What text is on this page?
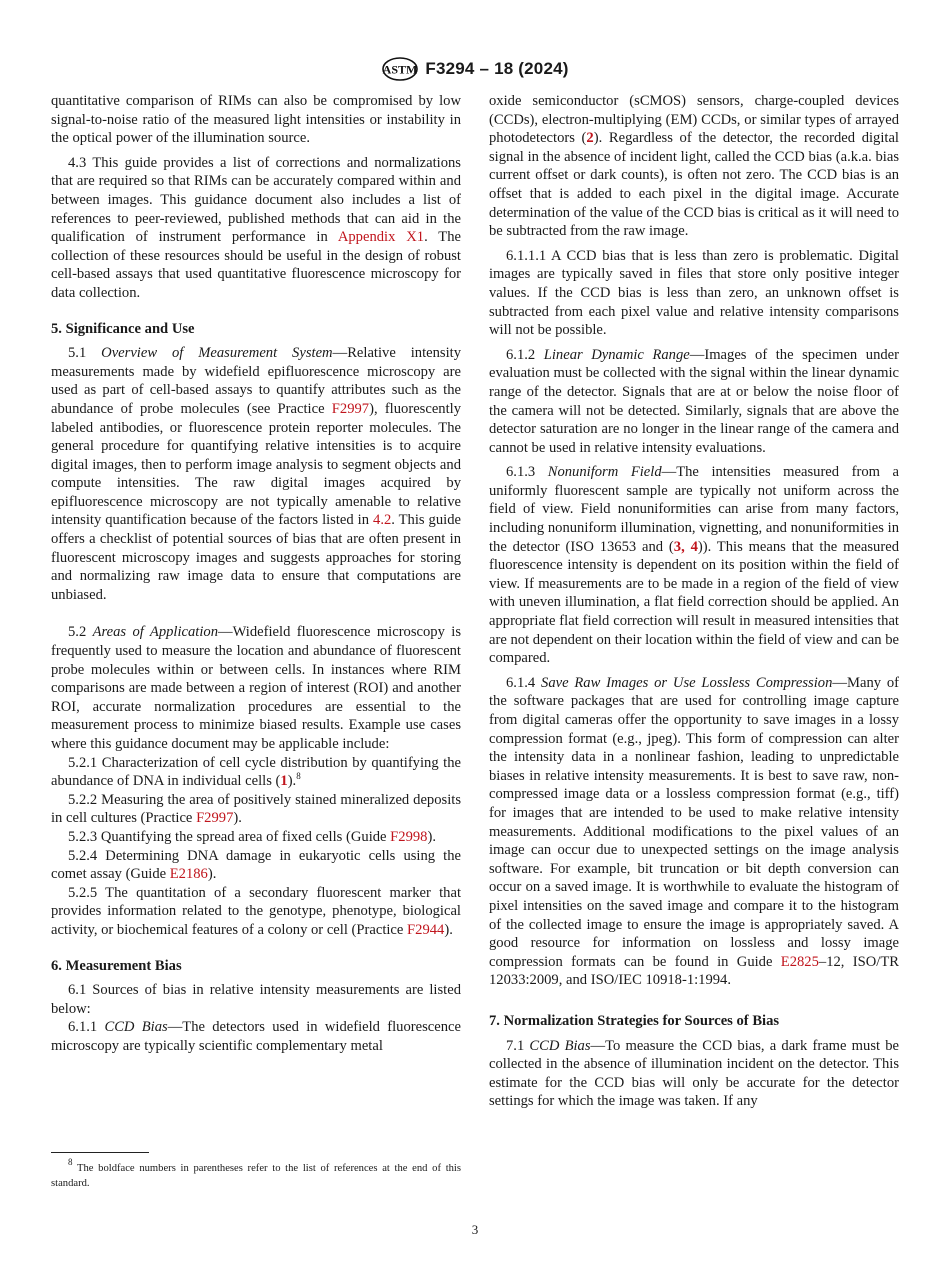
ASTM F3294 – 18 (2024)

quantitative comparison of RIMs can also be compromised by low signal-to-noise ratio of the measured light intensities or instability in the optical power of the illumination source.

4.3 This guide provides a list of corrections and normalizations that are required so that RIMs can be accurately compared within and between images. This guidance document also includes a list of references to peer-reviewed, published methods that can aid in the qualification of instrument performance in Appendix X1. The collection of these resources should be useful in the design of robust cell-based assays that used quantitative fluorescence microscopy for data collection.

5. Significance and Use

5.1 Overview of Measurement System—Relative intensity measurements made by widefield epifluorescence microscopy are used as part of cell-based assays to quantify attributes such as the abundance of probe molecules (see Practice F2997), fluorescently labeled antibodies, or fluorescence protein reporter molecules. The general procedure for quantifying relative intensities is to acquire digital images, then to perform image analysis to segment objects and compute intensities. The raw digital images acquired by epifluorescence microscopy are not typically amenable to relative intensity quantification because of the factors listed in 4.2. This guide offers a checklist of potential sources of bias that are often present in fluorescent microscopy images and suggests approaches for storing and normalizing raw image data to ensure that computations are unbiased.

5.2 Areas of Application—Widefield fluorescence microscopy is frequently used to measure the location and abundance of fluorescent probe molecules within or between cells. In instances where RIM comparisons are made between a region of interest (ROI) and another ROI, accurate normalization procedures are essential to the measurement process to minimize biased results. Example use cases where this guidance document may be applicable include:

5.2.1 Characterization of cell cycle distribution by quantifying the abundance of DNA in individual cells (1).$^8$

5.2.2 Measuring the area of positively stained mineralized deposits in cell cultures (Practice F2997).

5.2.3 Quantifying the spread area of fixed cells (Guide F2998).

5.2.4 Determining DNA damage in eukaryotic cells using the comet assay (Guide E2186).

5.2.5 The quantitation of a secondary fluorescent marker that provides information related to the genotype, phenotype, biological activity, or biochemical features of a colony or cell (Practice F2944).

6. Measurement Bias

6.1 Sources of bias in relative intensity measurements are listed below:

6.1.1 CCD Bias—The detectors used in widefield fluorescence microscopy are typically scientific complementary metal

$^8$ The boldface numbers in parentheses refer to the list of references at the end of this standard.

oxide semiconductor (sCMOS) sensors, charge-coupled devices (CCDs), electron-multiplying (EM) CCDs, or similar types of arrayed photodetectors (2). Regardless of the detector, the recorded digital signal in the absence of incident light, called the CCD bias (a.k.a. bias current offset or dark counts), is often not zero. The CCD bias is an offset that is added to each pixel in the digital image. Accurate determination of the value of the CCD bias is critical as it will need to be subtracted from the raw image.

6.1.1.1 A CCD bias that is less than zero is problematic. Digital images are typically saved in files that store only positive integer values. If the CCD bias is less than zero, an unknown offset is subtracted from each pixel value and relative intensity comparisons will not be possible.

6.1.2 Linear Dynamic Range—Images of the specimen under evaluation must be collected with the signal within the linear dynamic range of the detector. Signals that are at or below the noise floor of the camera will not be detected. Similarly, signals that are above the detector saturation are no longer in the linear range of the camera and cannot be used in relative intensity evaluations.

6.1.3 Nonuniform Field—The intensities measured from a uniformly fluorescent sample are typically not uniform across the field of view. Field nonuniformities can arise from many factors, including nonuniform illumination, vignetting, and nonuniformities in the detector (ISO 13653 and (3, 4)). This means that the measured fluorescence intensity is dependent on its position within the field of view. If measurements are to be made in a region of the field of view with uneven illumination, a flat field correction should be applied. An appropriate flat field correction will result in measured intensities that are not dependent on their location within the field of view and can be compared.

6.1.4 Save Raw Images or Use Lossless Compression—Many of the software packages that are used for controlling image capture from digital cameras offer the opportunity to save images in a lossy compression format (e.g., jpeg). This form of compression can alter the intensity data in a nonlinear fashion, leading to unpredictable biases in relative intensity measurements. It is best to save raw, non-compressed image data or a lossless compression format (e.g., tiff) for images that are intended to be used to make relative intensity measurements. Additional modifications to the pixel values of an image can occur due to unexpected settings on the image analysis software. For example, bit truncation or bit depth conversion can occur on a saved image. It is worthwhile to evaluate the histogram of pixel intensities on the saved image and compare it to the histogram of the collected image to ensure the image is appropriately saved. A good resource for information on lossless and lossy image compression formats can be found in Guide E2825–12, ISO/TR 12033:2009, and ISO/IEC 10918-1:1994.

7. Normalization Strategies for Sources of Bias

7.1 CCD Bias—To measure the CCD bias, a dark frame must be collected in the absence of illumination incident on the detector. This estimate for the CCD bias will only be accurate for the detector settings for which the image was taken. If any

3
